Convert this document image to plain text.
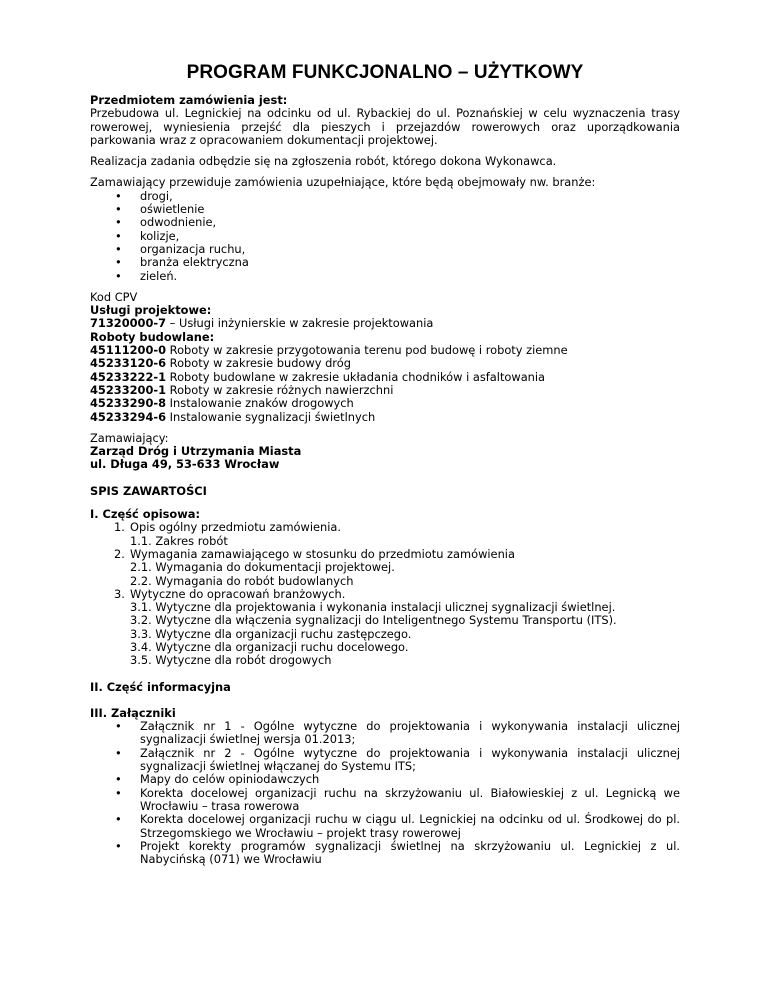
PROGRAM FUNKCJONALNO – UŻYTKOWY

Przedmiotem zamówienia jest:

Przebudowa ul. Legnickiej na odcinku od ul. Rybackiej do ul. Poznańskiej w celu wyznaczenia trasy rowerowej, wyniesienia przejść dla pieszych i przejazdów rowerowych oraz uporządkowania parkowania wraz z opracowaniem dokumentacji projektowej.

Realizacja zadania odbędzie się na zgłoszenia robót, którego dokona Wykonawca.

Zamawiający przewiduje zamówienia uzupełniające, które będą obejmowały nw. branże:

• drogi,
• oświetlenie
• odwodnienie,
• kolizje,
• organizacja ruchu,
• branża elektryczna
• zieleń.

Kod CPV

Usługi projektowe:

71320000-7 – Usługi inżynierskie w zakresie projektowania

Roboty budowlane:

45111200-0 Roboty w zakresie przygotowania terenu pod budowę i roboty ziemne

45233120-6 Roboty w zakresie budowy dróg

45233222-1 Roboty budowlane w zakresie układania chodników i asfaltowania

45233200-1 Roboty w zakresie różnych nawierzchni

45233290-8 Instalowanie znaków drogowych

45233294-6 Instalowanie sygnalizacji świetlnych

Zamawiający:

Zarząd Dróg i Utrzymania Miasta

ul. Długa 49, 53-633 Wrocław

SPIS ZAWARTOŚCI

I. Część opisowa:

1. Opis ogólny przedmiotu zamówienia.
1.1. Zakres robót
2. Wymagania zamawiającego w stosunku do przedmiotu zamówienia
2.1. Wymagania do dokumentacji projektowej.
2.2. Wymagania do robót budowlanych
3. Wytyczne do opracowań branżowych.
3.1. Wytyczne dla projektowania i wykonania instalacji ulicznej sygnalizacji świetlnej.
3.2. Wytyczne dla włączenia sygnalizacji do Inteligentnego Systemu Transportu (ITS).
3.3. Wytyczne dla organizacji ruchu zastępczego.
3.4. Wytyczne dla organizacji ruchu docelowego.
3.5. Wytyczne dla robót drogowych

II. Część informacyjna

III. Załączniki

• Załącznik nr 1 - Ogólne wytyczne do projektowania i wykonywania instalacji ulicznej sygnalizacji świetlnej wersja 01.2013;
• Załącznik nr 2 - Ogólne wytyczne do projektowania i wykonywania instalacji ulicznej sygnalizacji świetlnej włączanej do Systemu ITS;
• Mapy do celów opiniodawczych
• Korekta docelowej organizacji ruchu na skrzyżowaniu ul. Białowieskiej z ul. Legnicką we Wrocławiu – trasa rowerowa
• Korekta docelowej organizacji ruchu w ciągu ul. Legnickiej na odcinku od ul. Środkowej do pl. Strzegomskiego we Wrocławiu – projekt trasy rowerowej
• Projekt korekty programów sygnalizacji świetlnej na skrzyżowaniu ul. Legnickiej z ul. Nabycińską (071) we Wrocławiu
